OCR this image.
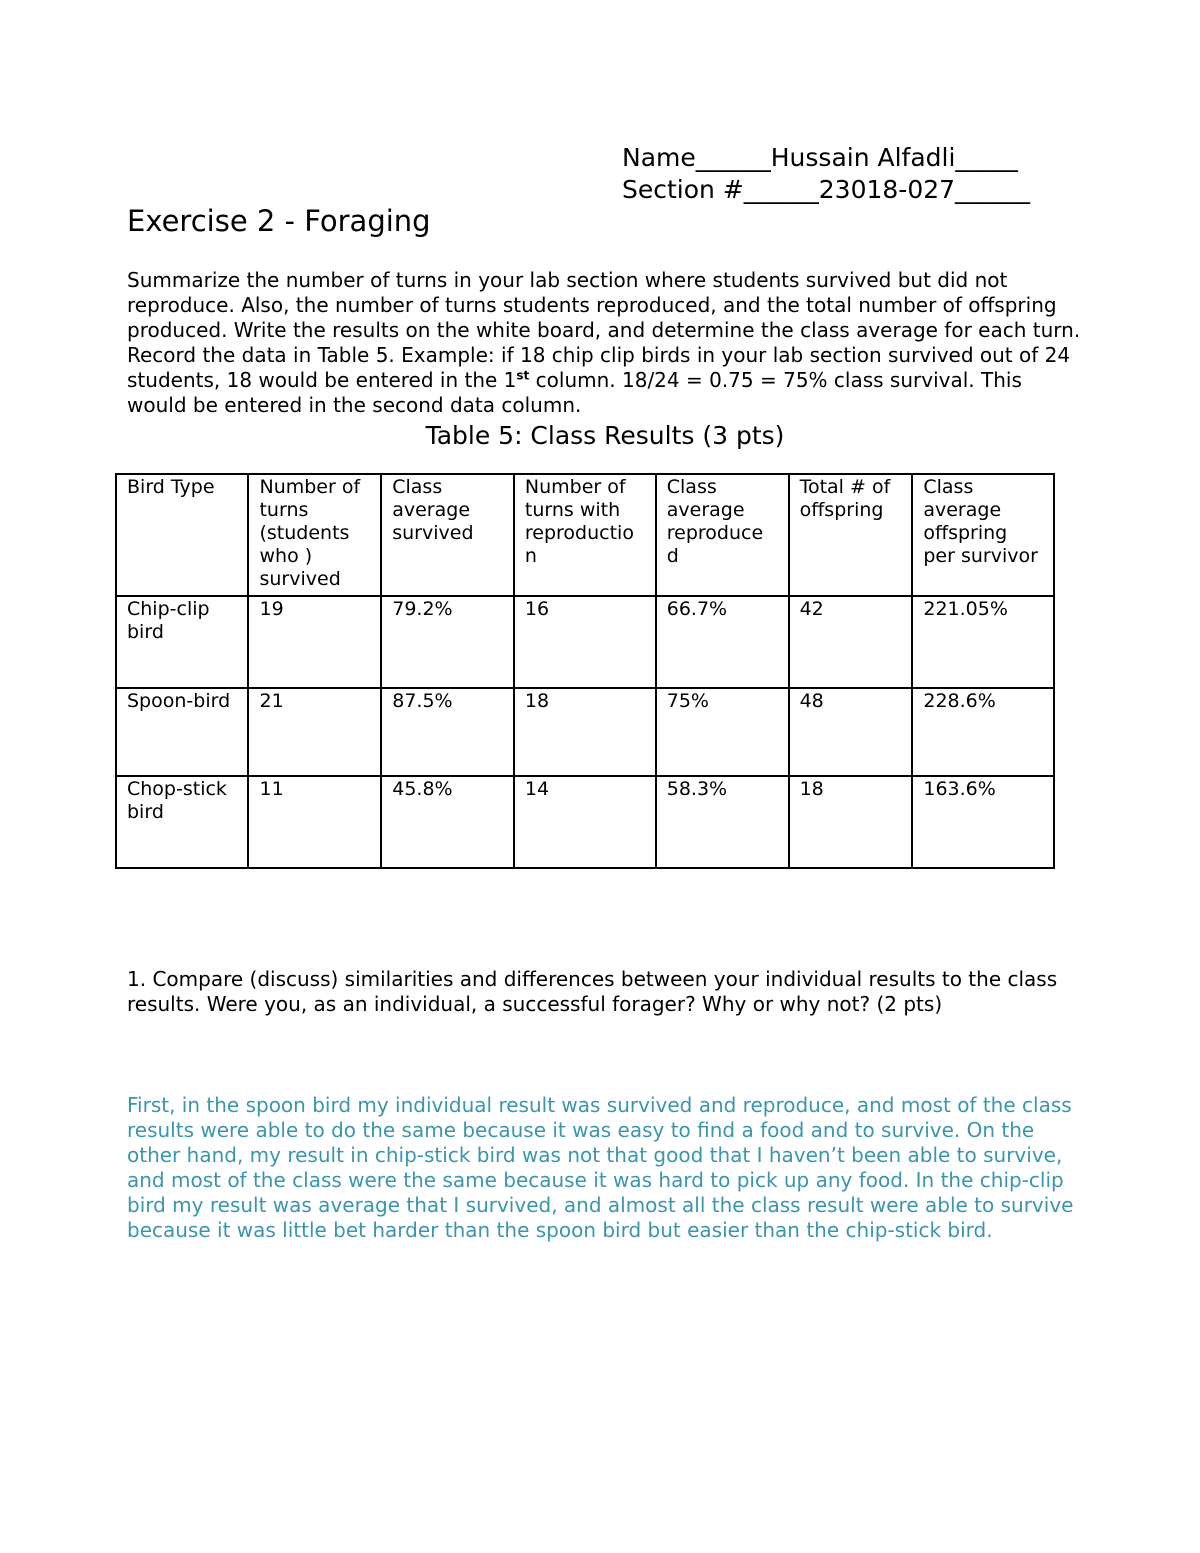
Name______Hussain Alfadli_____
Section #______23018-027______
Exercise 2 - Foraging

Summarize the number of turns in your lab section where students survived but did not reproduce. Also, the number of turns students reproduced, and the total number of offspring produced. Write the results on the white board, and determine the class average for each turn. Record the data in Table 5. Example: if 18 chip clip birds in your lab section survived out of 24 students, 18 would be entered in the 1st column. 18/24 = 0.75 = 75% class survival. This would be entered in the second data column.

Table 5: Class Results (3 pts)
Bird Type	Number of turns (students who ) survived	Class average survived	Number of turns with reproductio n	Class average reproduce d	Total # of offspring	Class average offspring per survivor
Chip-clip bird	19	79.2%	16	66.7%	42	221.05%
Spoon-bird	21	87.5%	18	75%	48	228.6%
Chop-stick bird	11	45.8%	14	58.3%	18	163.6%

1. Compare (discuss) similarities and differences between your individual results to the class results. Were you, as an individual, a successful forager? Why or why not? (2 pts)

First, in the spoon bird my individual result was survived and reproduce, and most of the class results were able to do the same because it was easy to find a food and to survive. On the other hand, my result in chip-stick bird was not that good that I haven’t been able to survive, and most of the class were the same because it was hard to pick up any food. In the chip-clip bird my result was average that I survived, and almost all the class result were able to survive because it was little bet harder than the spoon bird but easier than the chip-stick bird.
